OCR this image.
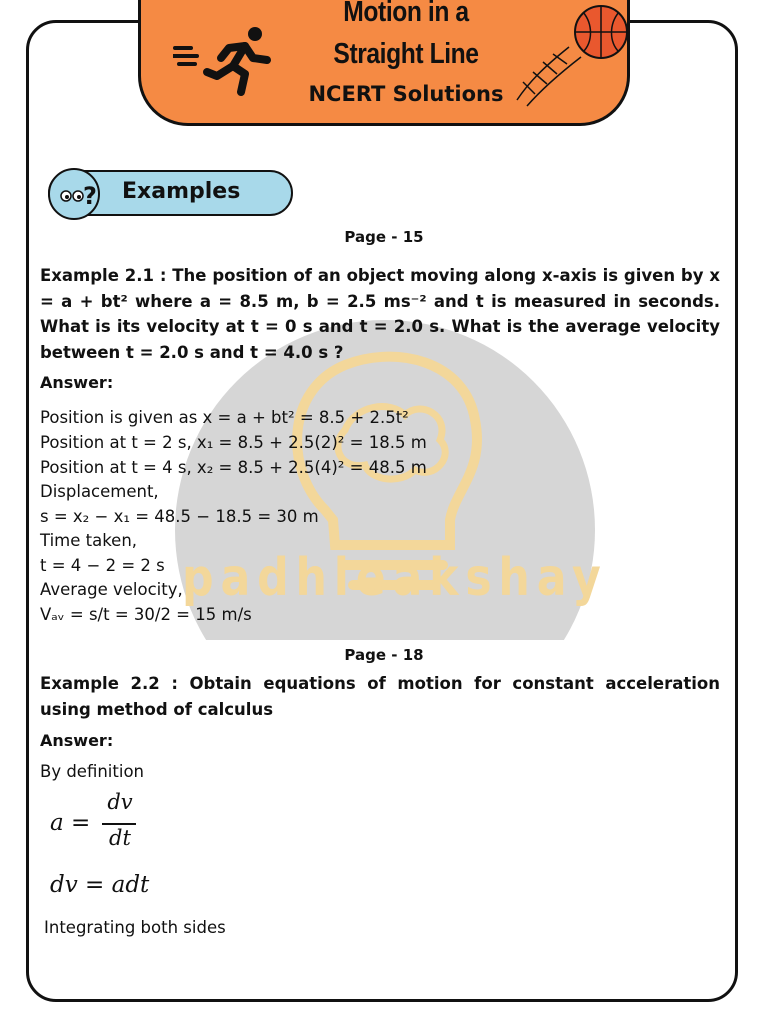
padhleakshay
Motion in a
Straight Line
NCERT Solutions
? Examples
Page - 15
Example 2.1 : The position of an object moving along x-axis is given by x = a + bt² where a = 8.5 m, b = 2.5 ms⁻² and t is measured in seconds. What is its velocity at t = 0 s and t = 2.0 s. What is the average velocity between t = 2.0 s and t = 4.0 s ?
Answer:
Position is given as x = a + bt² = 8.5 + 2.5t²
Position at t = 2 s, x₁ = 8.5 + 2.5(2)² = 18.5 m
Position at t = 4 s, x₂ = 8.5 + 2.5(4)² = 48.5 m
Displacement,
s = x₂ − x₁ = 48.5 − 18.5 = 30 m
Time taken,
t = 4 − 2 = 2 s
Average velocity,
Vₐᵥ = s/t = 30/2 = 15 m/s
Page - 18
Example 2.2 : Obtain equations of motion for constant acceleration using method of calculus
Answer:
By definition
a =
dv
dt
dv = adt
Integrating both sides
